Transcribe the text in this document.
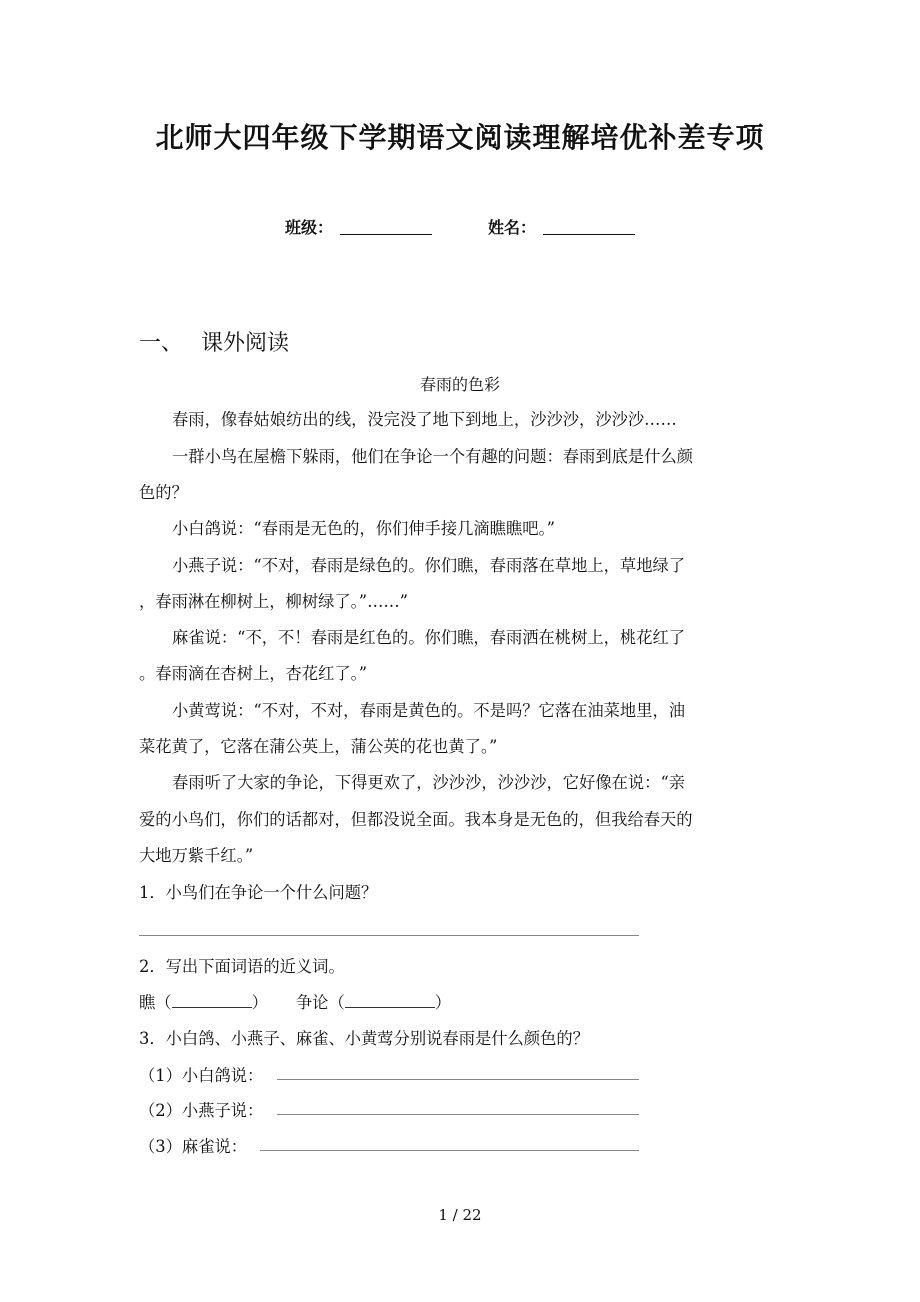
北师大四年级下学期语文阅读理解培优补差专项
班级：	姓名：
一、 课外阅读
春雨的色彩
春雨，像春姑娘纺出的线，没完没了地下到地上，沙沙沙，沙沙沙……
一群小鸟在屋檐下躲雨，他们在争论一个有趣的问题：春雨到底是什么颜
色的？
小白鸽说：“春雨是无色的，你们伸手接几滴瞧瞧吧。”
小燕子说：“不对，春雨是绿色的。你们瞧，春雨落在草地上，草地绿了
，春雨淋在柳树上，柳树绿了。”……”
麻雀说：“不，不！春雨是红色的。你们瞧，春雨洒在桃树上，桃花红了
。春雨滴在杏树上，杏花红了。”
小黄莺说：“不对，不对，春雨是黄色的。不是吗？它落在油菜地里，油
菜花黄了，它落在蒲公英上，蒲公英的花也黄了。”
春雨听了大家的争论，下得更欢了，沙沙沙，沙沙沙，它好像在说：“亲
爱的小鸟们，你们的话都对，但都没说全面。我本身是无色的，但我给春天的
大地万紫千红。”
1．小鸟们在争论一个什么问题？
2．写出下面词语的近义词。
瞧（	） 争论（	）
3．小白鸽、小燕子、麻雀、小黄莺分别说春雨是什么颜色的？
（1）小白鸽说：
（2）小燕子说：
（3）麻雀说：
1 / 22
